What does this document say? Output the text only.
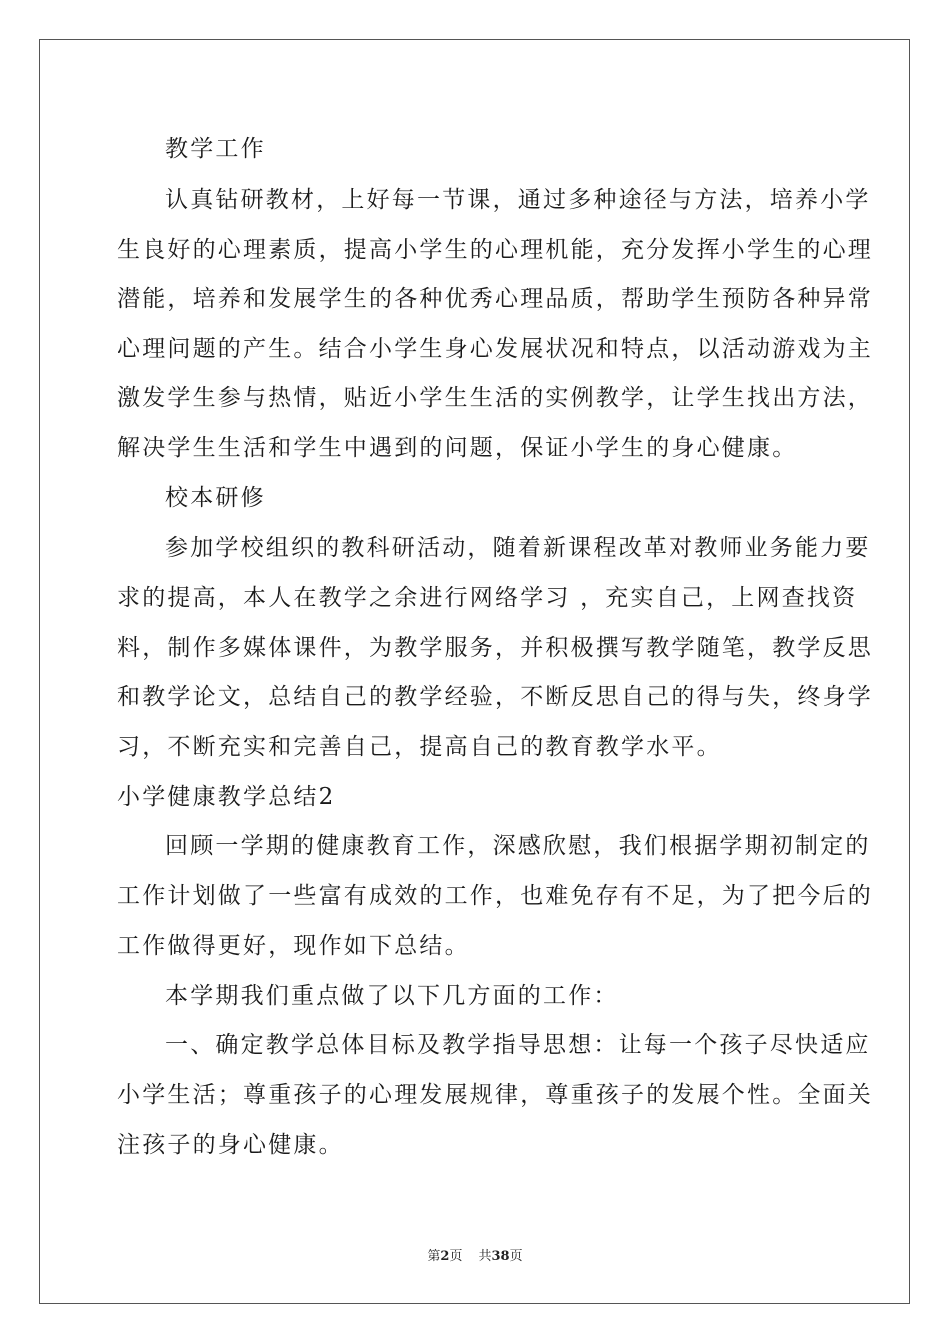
教学工作
认真钻研教材，上好每一节课，通过多种途径与方法，培养小学
生良好的心理素质，提高小学生的心理机能，充分发挥小学生的心理
潜能，培养和发展学生的各种优秀心理品质，帮助学生预防各种异常
心理问题的产生。结合小学生身心发展状况和特点，以活动游戏为主
激发学生参与热情，贴近小学生生活的实例教学，让学生找出方法，
解决学生生活和学生中遇到的问题，保证小学生的身心健康。
校本研修
参加学校组织的教科研活动，随着新课程改革对教师业务能力要
求的提高，本人在教学之余进行网络学习 ，充实自己，上网查找资
料，制作多媒体课件，为教学服务，并积极撰写教学随笔，教学反思
和教学论文，总结自己的教学经验，不断反思自己的得与失，终身学
习，不断充实和完善自己，提高自己的教育教学水平。
小学健康教学总结2
回顾一学期的健康教育工作，深感欣慰，我们根据学期初制定的
工作计划做了一些富有成效的工作，也难免存有不足，为了把今后的
工作做得更好，现作如下总结。
本学期我们重点做了以下几方面的工作：
一、确定教学总体目标及教学指导思想：让每一个孩子尽快适应
小学生活；尊重孩子的心理发展规律，尊重孩子的发展个性。全面关
注孩子的身心健康。
第2页 共38页
